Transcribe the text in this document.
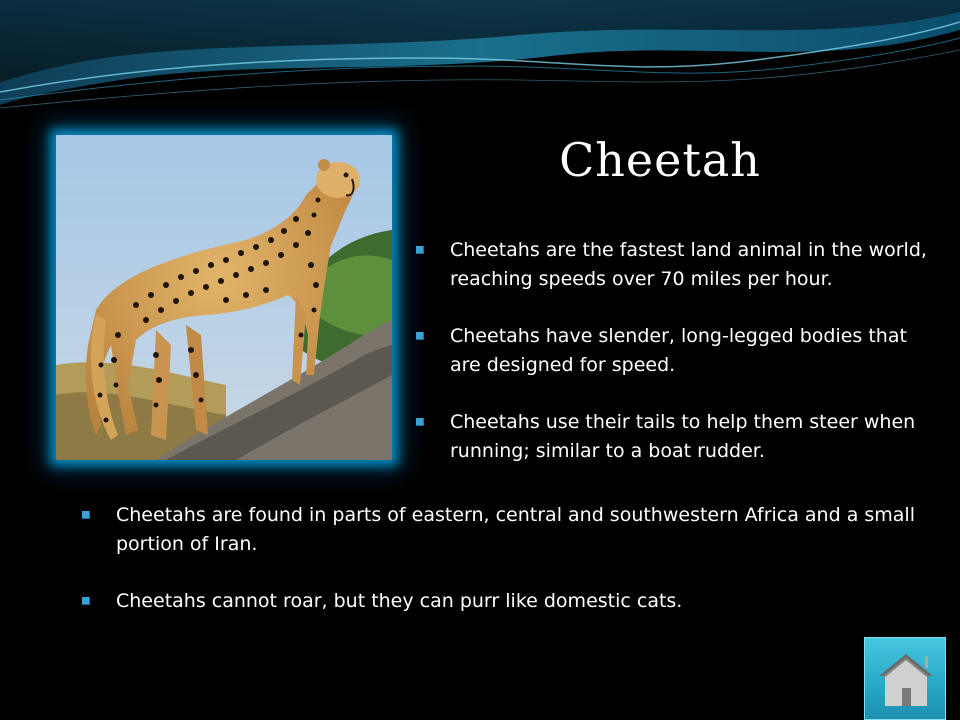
Cheetah
Cheetahs are the fastest land animal in the world, reaching speeds over 70 miles per hour.
Cheetahs have slender, long-legged bodies that are designed for speed.
Cheetahs use their tails to help them steer when running; similar to a boat rudder.
Cheetahs are found in parts of eastern, central and southwestern Africa and a small portion of Iran.
Cheetahs cannot roar, but they can purr like domestic cats.
